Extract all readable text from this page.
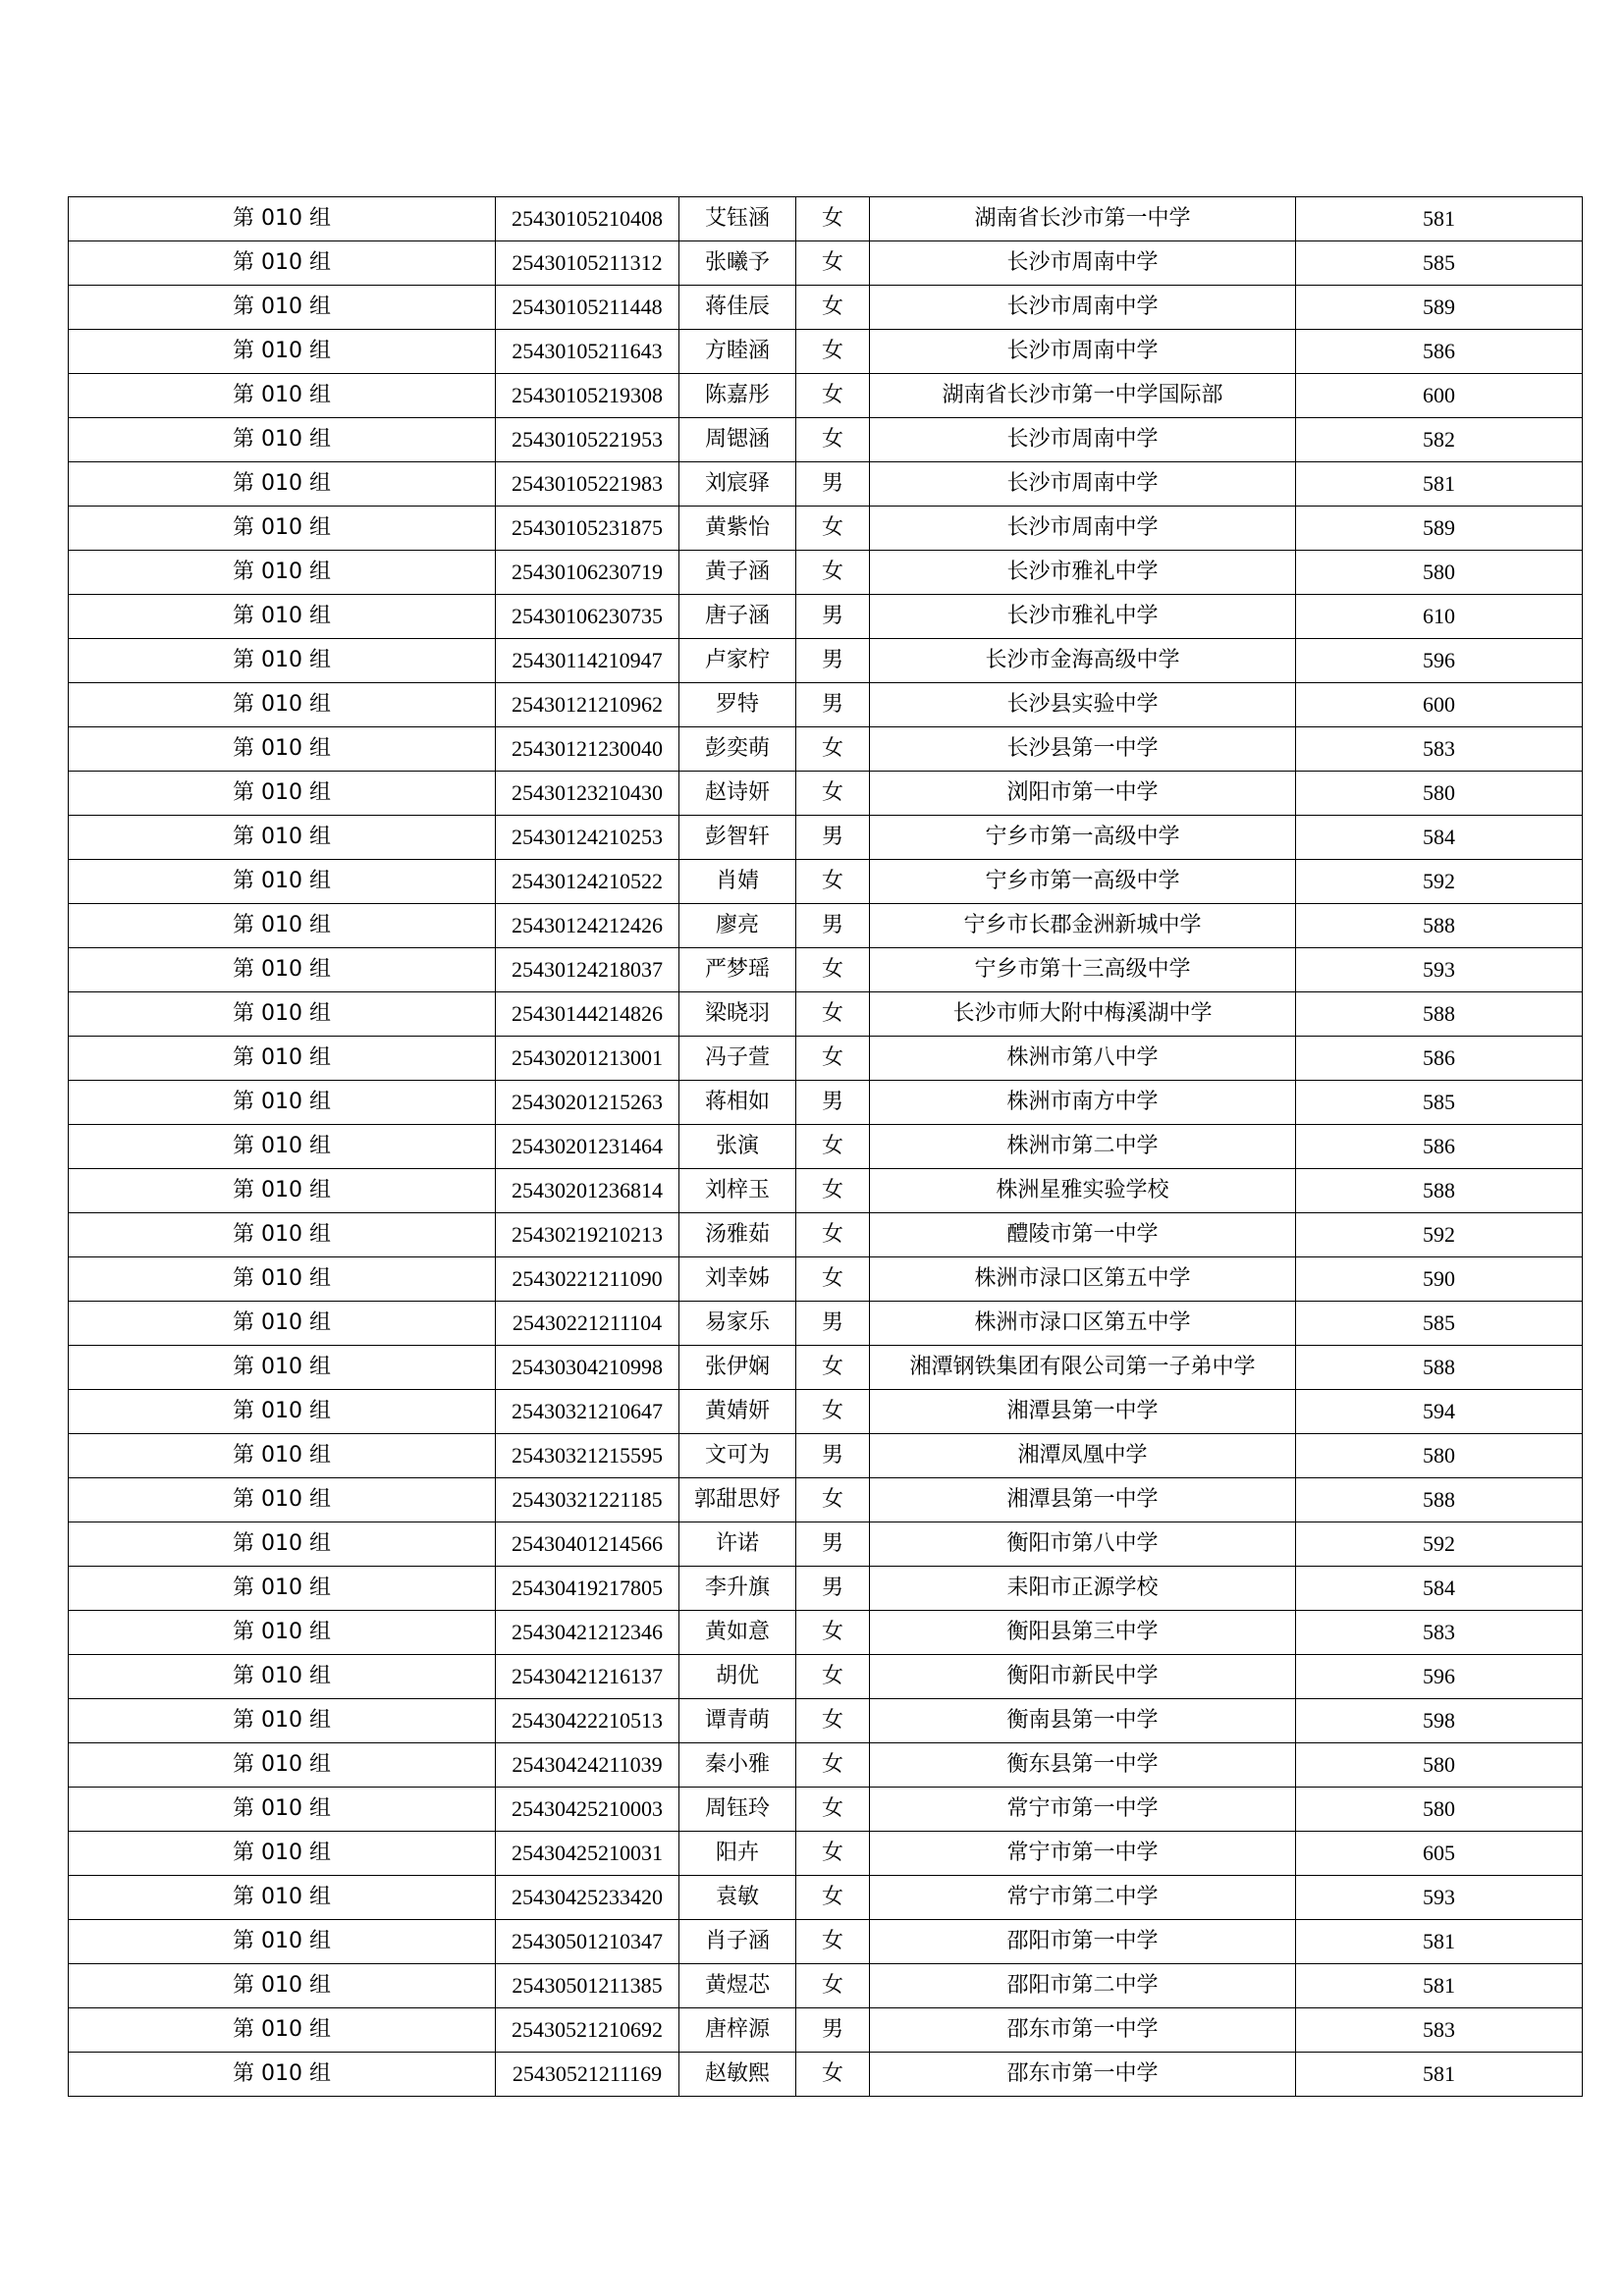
第 010 组	25430105210408	艾钰涵	女	湖南省长沙市第一中学	581
第 010 组	25430105211312	张曦予	女	长沙市周南中学	585
第 010 组	25430105211448	蒋佳辰	女	长沙市周南中学	589
第 010 组	25430105211643	方睦涵	女	长沙市周南中学	586
第 010 组	25430105219308	陈嘉彤	女	湖南省长沙市第一中学国际部	600
第 010 组	25430105221953	周锶涵	女	长沙市周南中学	582
第 010 组	25430105221983	刘宸驿	男	长沙市周南中学	581
第 010 组	25430105231875	黄紫怡	女	长沙市周南中学	589
第 010 组	25430106230719	黄子涵	女	长沙市雅礼中学	580
第 010 组	25430106230735	唐子涵	男	长沙市雅礼中学	610
第 010 组	25430114210947	卢家柠	男	长沙市金海高级中学	596
第 010 组	25430121210962	罗特	男	长沙县实验中学	600
第 010 组	25430121230040	彭奕萌	女	长沙县第一中学	583
第 010 组	25430123210430	赵诗妍	女	浏阳市第一中学	580
第 010 组	25430124210253	彭智轩	男	宁乡市第一高级中学	584
第 010 组	25430124210522	肖婧	女	宁乡市第一高级中学	592
第 010 组	25430124212426	廖亮	男	宁乡市长郡金洲新城中学	588
第 010 组	25430124218037	严梦瑶	女	宁乡市第十三高级中学	593
第 010 组	25430144214826	梁晓羽	女	长沙市师大附中梅溪湖中学	588
第 010 组	25430201213001	冯子萱	女	株洲市第八中学	586
第 010 组	25430201215263	蒋相如	男	株洲市南方中学	585
第 010 组	25430201231464	张演	女	株洲市第二中学	586
第 010 组	25430201236814	刘梓玉	女	株洲星雅实验学校	588
第 010 组	25430219210213	汤雅茹	女	醴陵市第一中学	592
第 010 组	25430221211090	刘幸姊	女	株洲市渌口区第五中学	590
第 010 组	25430221211104	易家乐	男	株洲市渌口区第五中学	585
第 010 组	25430304210998	张伊娴	女	湘潭钢铁集团有限公司第一子弟中学	588
第 010 组	25430321210647	黄婧妍	女	湘潭县第一中学	594
第 010 组	25430321215595	文可为	男	湘潭凤凰中学	580
第 010 组	25430321221185	郭甜思妤	女	湘潭县第一中学	588
第 010 组	25430401214566	许诺	男	衡阳市第八中学	592
第 010 组	25430419217805	李升旗	男	耒阳市正源学校	584
第 010 组	25430421212346	黄如意	女	衡阳县第三中学	583
第 010 组	25430421216137	胡优	女	衡阳市新民中学	596
第 010 组	25430422210513	谭青萌	女	衡南县第一中学	598
第 010 组	25430424211039	秦小雅	女	衡东县第一中学	580
第 010 组	25430425210003	周钰玲	女	常宁市第一中学	580
第 010 组	25430425210031	阳卉	女	常宁市第一中学	605
第 010 组	25430425233420	袁敏	女	常宁市第二中学	593
第 010 组	25430501210347	肖子涵	女	邵阳市第一中学	581
第 010 组	25430501211385	黄煜芯	女	邵阳市第二中学	581
第 010 组	25430521210692	唐梓源	男	邵东市第一中学	583
第 010 组	25430521211169	赵敏熙	女	邵东市第一中学	581
